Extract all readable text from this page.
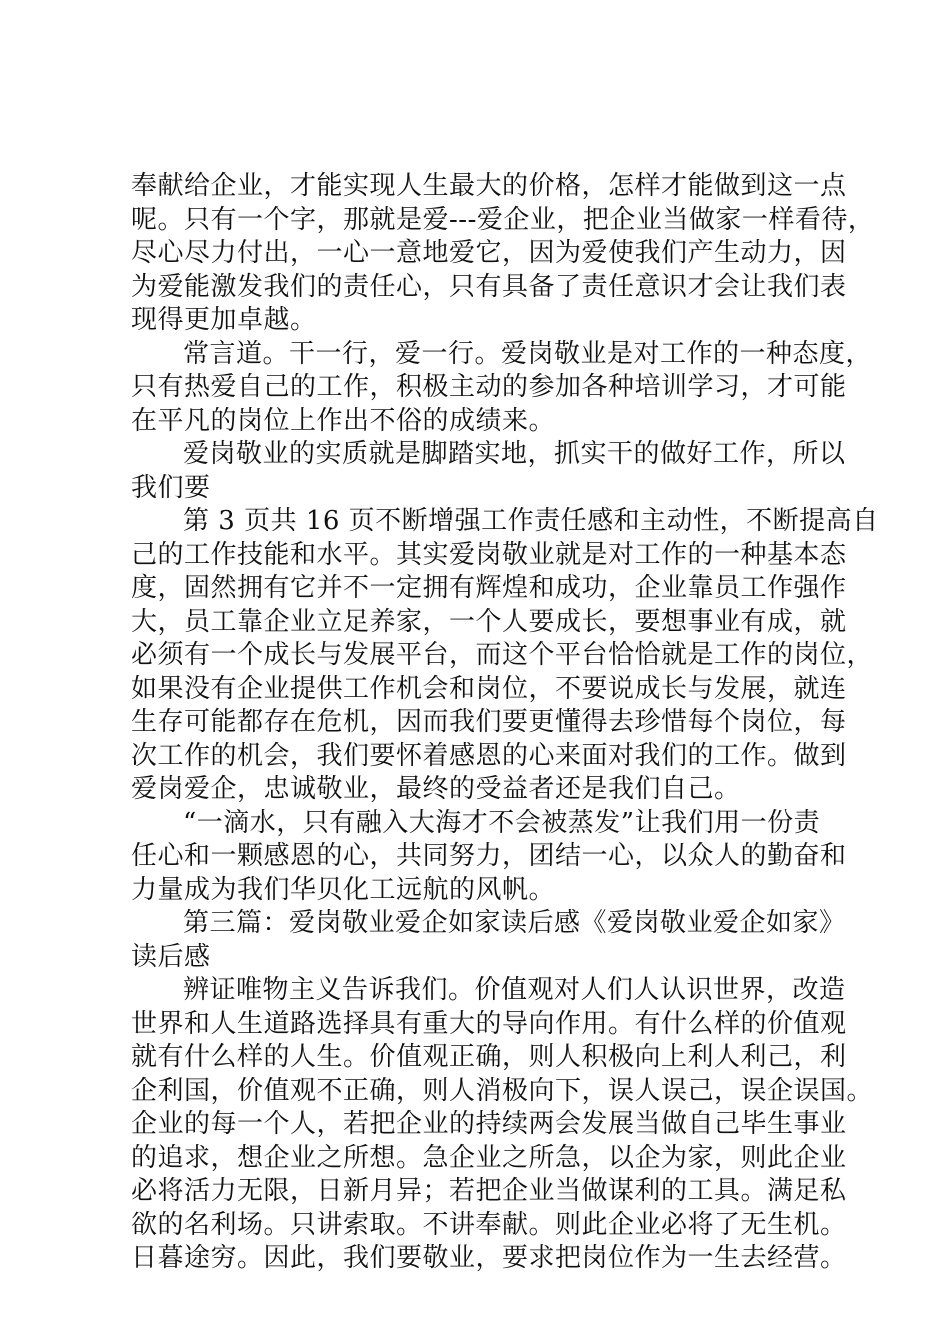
奉献给企业，才能实现人生最大的价格，怎样才能做到这一点
呢。只有一个字，那就是爱---爱企业，把企业当做家一样看待，
尽心尽力付出，一心一意地爱它，因为爱使我们产生动力，因
为爱能激发我们的责任心，只有具备了责任意识才会让我们表
现得更加卓越。
常言道。干一行，爱一行。爱岗敬业是对工作的一种态度，
只有热爱自己的工作，积极主动的参加各种培训学习，才可能
在平凡的岗位上作出不俗的成绩来。
爱岗敬业的实质就是脚踏实地，抓实干的做好工作，所以
我们要
第 3 页共 16 页不断增强工作责任感和主动性，不断提高自
己的工作技能和水平。其实爱岗敬业就是对工作的一种基本态
度，固然拥有它并不一定拥有辉煌和成功，企业靠员工作强作
大，员工靠企业立足养家，一个人要成长，要想事业有成，就
必须有一个成长与发展平台，而这个平台恰恰就是工作的岗位，
如果没有企业提供工作机会和岗位，不要说成长与发展，就连
生存可能都存在危机，因而我们要更懂得去珍惜每个岗位，每
次工作的机会，我们要怀着感恩的心来面对我们的工作。做到
爱岗爱企，忠诚敬业，最终的受益者还是我们自己。
“一滴水，只有融入大海才不会被蒸发”让我们用一份责
任心和一颗感恩的心，共同努力，团结一心，以众人的勤奋和
力量成为我们华贝化工远航的风帆。
第三篇：爱岗敬业爱企如家读后感《爱岗敬业爱企如家》
读后感
辨证唯物主义告诉我们。价值观对人们人认识世界，改造
世界和人生道路选择具有重大的导向作用。有什么样的价值观
就有什么样的人生。价值观正确，则人积极向上利人利己，利
企利国，价值观不正确，则人消极向下，误人误己，误企误国。
企业的每一个人，若把企业的持续两会发展当做自己毕生事业
的追求，想企业之所想。急企业之所急，以企为家，则此企业
必将活力无限，日新月异；若把企业当做谋利的工具。满足私
欲的名利场。只讲索取。不讲奉献。则此企业必将了无生机。
日暮途穷。因此，我们要敬业，要求把岗位作为一生去经营。
